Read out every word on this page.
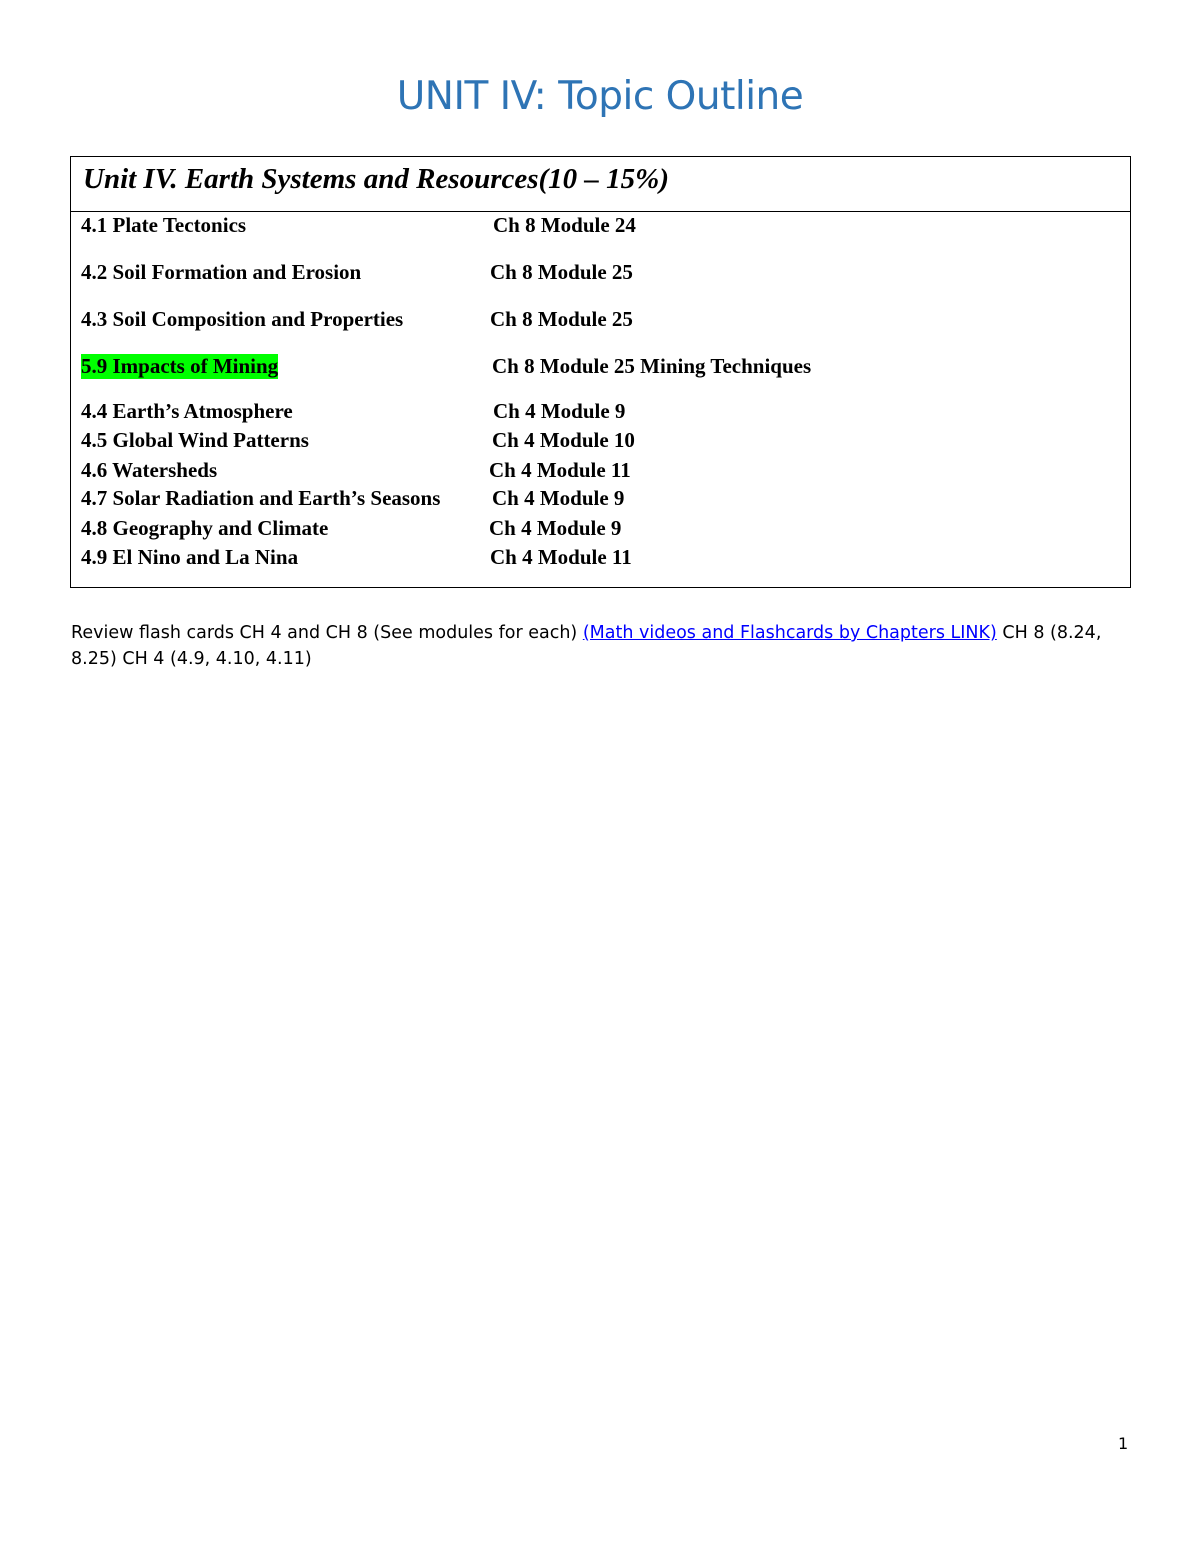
UNIT IV: Topic Outline
Unit IV. Earth Systems and Resources(10 – 15%)
4.1 Plate Tectonics	Ch 8 Module 24
4.2 Soil Formation and Erosion	Ch 8 Module 25
4.3 Soil Composition and Properties	Ch 8 Module 25
5.9 Impacts of Mining	Ch 8 Module 25 Mining Techniques
4.4 Earth’s Atmosphere	Ch 4 Module 9
4.5 Global Wind Patterns	Ch 4 Module 10
4.6 Watersheds	Ch 4 Module 11
4.7 Solar Radiation and Earth’s Seasons Ch 4 Module 9
4.8 Geography and Climate	Ch 4 Module 9
4.9 El Nino and La Nina	Ch 4 Module 11
Review flash cards CH 4 and CH 8 (See modules for each) (Math videos and Flashcards by Chapters LINK) CH 8 (8.24, 8.25) CH 4 (4.9, 4.10, 4.11)
1
